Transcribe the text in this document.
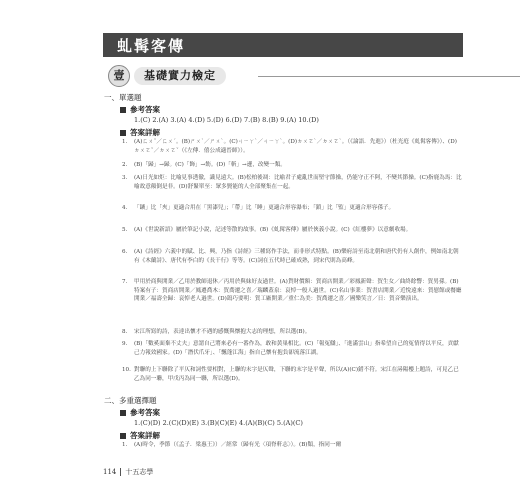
虬髯客傳
壹	基礎實力檢定
一、單選題
參考答案
1.(C) 2.(A) 3.(A) 4.(D) 5.(D) 6.(D) 7.(B) 8.(B) 9.(A) 10.(D)
答案詳解
1. (A)ㄈㄨˇ／ㄈㄨˊ。(B)ㄕㄨˋ／ㄕㄨˋ。(C)ㄐㄧㄚˋ／ㄐㄧㄚˋ。(D)ㄉㄨㄛˋ／ㄉㄨㄛˋ。（《論語．先進》）（杜光庭《虬髯客傳》）、(D)ㄉㄨㄛˇ／ㄉㄨㄛˇ（《左傳．僖公成適晉師》）。
2. (B)「歸」→歸。(C)「飾」→飭。(D)「斬」→遜，改變一類。
3. (A)日光如炬：比喻見事透徹，識見遠大。(B)松柏後凋：比喻君子處亂世而堅守節操，仍能守正不阿，不變其節操。(C)指鹿為馬：比喻故意顛倒是非。(D)舒緊單至：眾多賢能的人全部聚集在一起。
4. 「鑛」比「夾」更適合用在「黑漆兒」；「帶」比「睡」更適合形容瀑布；「鎖」比「監」更適合形容孫子。
5. (A)《世說新語》屬於筆記小說，記述等散的故事。(B)《虬髯客傳》屬於俠義小說。(C)《紅樓夢》以意劇收場。
6. (A)《詩經》六義中的賦、比、興，乃指《詩經》三種寫作手法，而非形式特點。(B)樂府詩至南北朝和唐代仍有人創作，例如南北朝有《木蘭詩》、唐代有李白的《長干行》等等。(C)詞在五代時已確成熟，到宋代則為高峰。
7. 甲用於商與開業／乙用於教師退休／丙用於與妹好友過世。(A)貨財價額：賀商店開業／彩鳳新聲：賀生女／曲終餘響：賀男孫。(B)特案有子：賀商店開業／鳳遷喬木：賀喬遷之喜／瑞麟蓋泉：哀悼一般人過世。(C)名山事業：賀書店開業／近悅遠來：賀慰館或餐廳開業／福壽全歸：哀悼老人過世。(D)鴿巧要明：賀工廠開業／重仁為美：賀喬遷之喜／國樂笑言／日：賀音樂演出。
8. 宋江所寫的詩，表達出懷才不遇的感慨與懷抱大志的理想，所以選(B)。
9. (B)「數奚面棄不丈夫」意謂自己將來必有一番作為，敢和黃巢相比。(C)「報冤讎」、「進滿雲山」指希望自己的冤情得以平反，貢獻己力報效國家。(D)「潛伏爪牙」、「飄蓬江海」指自己懷有抱負卻流落江湖。
10. 對聯的上下聯除了平仄和詞性要相對，上聯的末字是仄聲，下聯的末字是平聲，所以(A)(C)錯不符。宋江在潯陽樓上題詩，可見乙已乙為同一聯，甲戊丙為同一聯，所以選(D)。
二、多重選擇題
參考答案
1.(C)(D) 2.(C)(D)(E) 3.(B)(C)(E) 4.(A)(B)(C) 5.(A)(C)
答案詳解
1. (A)時令，季節（《孟子．梁惠王》）／經常（歸有光〈項脊軒志〉）。(B)類，指同一爾
114 十五志學
